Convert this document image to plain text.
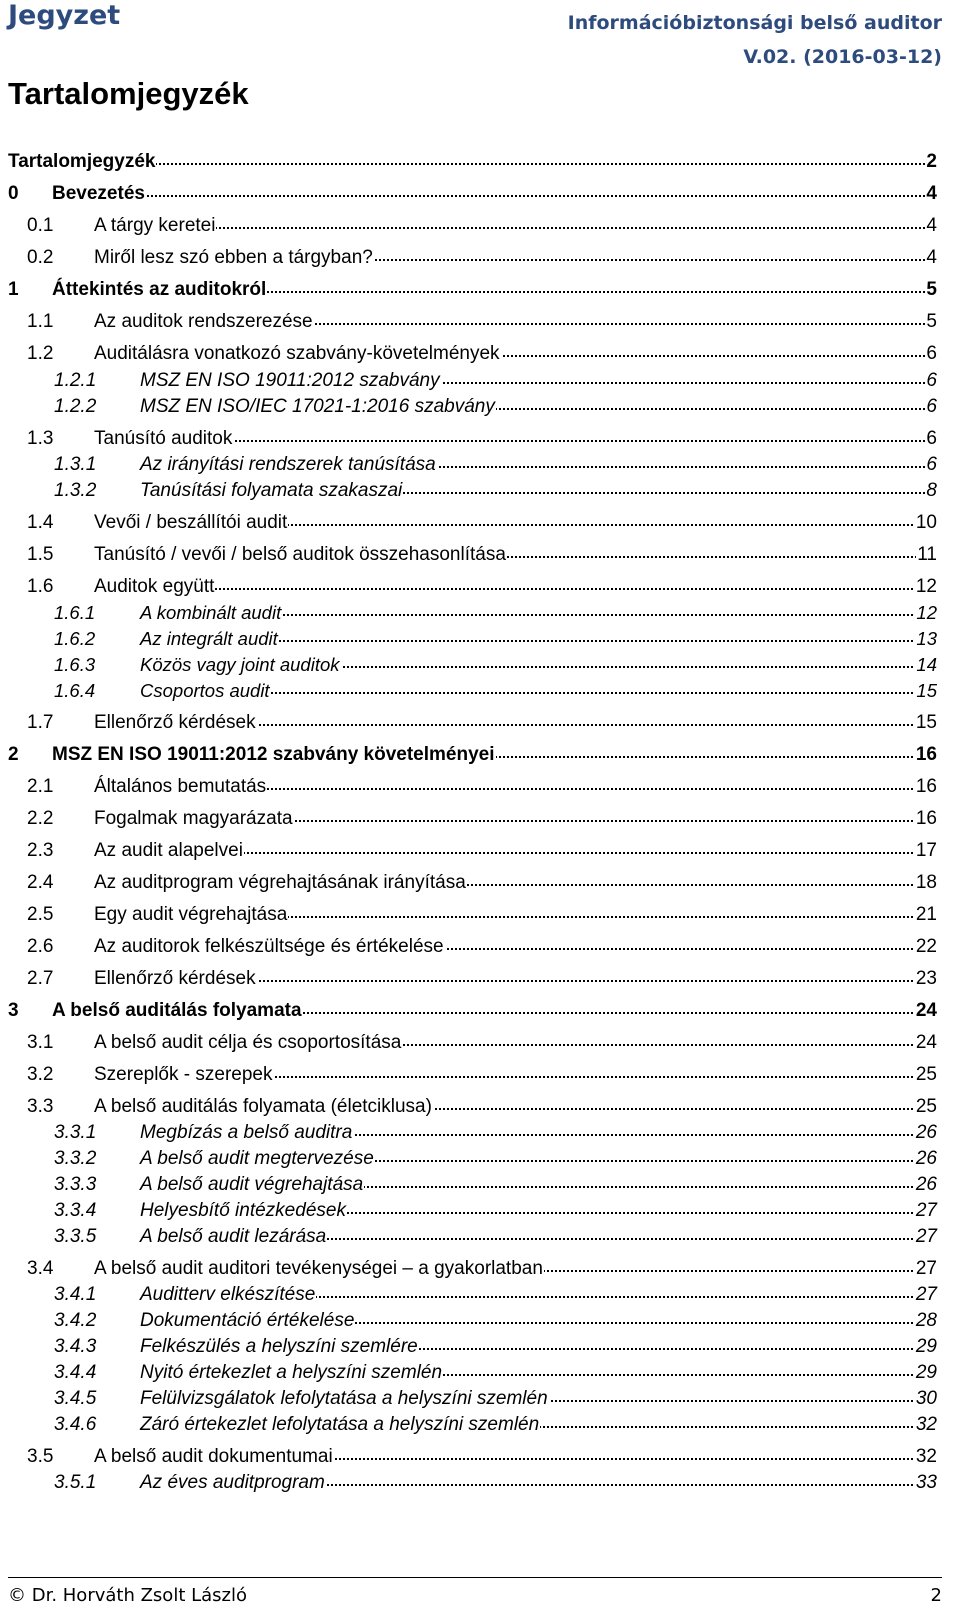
Jegyzet	Információbiztonsági belső auditor
V.02. (2016-03-12)
Tartalomjegyzék
Tartalomjegyzék	2
0 Bevezetés	4
0.1 A tárgy keretei	4
0.2 Miről lesz szó ebben a tárgyban?	4
1 Áttekintés az auditokról	5
1.1 Az auditok rendszerezése	5
1.2 Auditálásra vonatkozó szabvány-követelmények	6
1.2.1 MSZ EN ISO 19011:2012 szabvány	6
1.2.2 MSZ EN ISO/IEC 17021-1:2016 szabvány	6
1.3 Tanúsító auditok	6
1.3.1 Az irányítási rendszerek tanúsítása	6
1.3.2 Tanúsítási folyamata szakaszai	8
1.4 Vevői / beszállítói audit	10
1.5 Tanúsító / vevői / belső auditok összehasonlítása	11
1.6 Auditok együtt	12
1.6.1 A kombinált audit	12
1.6.2 Az integrált audit	13
1.6.3 Közös vagy joint auditok	14
1.6.4 Csoportos audit	15
1.7 Ellenőrző kérdések	15
2 MSZ EN ISO 19011:2012 szabvány követelményei	16
2.1 Általános bemutatás	16
2.2 Fogalmak magyarázata	16
2.3 Az audit alapelvei	17
2.4 Az auditprogram végrehajtásának irányítása	18
2.5 Egy audit végrehajtása	21
2.6 Az auditorok felkészültsége és értékelése	22
2.7 Ellenőrző kérdések	23
3 A belső auditálás folyamata	24
3.1 A belső audit célja és csoportosítása	24
3.2 Szereplők - szerepek	25
3.3 A belső auditálás folyamata (életciklusa)	25
3.3.1 Megbízás a belső auditra	26
3.3.2 A belső audit megtervezése	26
3.3.3 A belső audit végrehajtása	26
3.3.4 Helyesbítő intézkedések	27
3.3.5 A belső audit lezárása	27
3.4 A belső audit auditori tevékenységei – a gyakorlatban	27
3.4.1 Auditterv elkészítése	27
3.4.2 Dokumentáció értékelése	28
3.4.3 Felkészülés a helyszíni szemlére	29
3.4.4 Nyitó értekezlet a helyszíni szemlén	29
3.4.5 Felülvizsgálatok lefolytatása a helyszíni szemlén	30
3.4.6 Záró értekezlet lefolytatása a helyszíni szemlén	32
3.5 A belső audit dokumentumai	32
3.5.1 Az éves auditprogram	33
© Dr. Horváth Zsolt László	2
